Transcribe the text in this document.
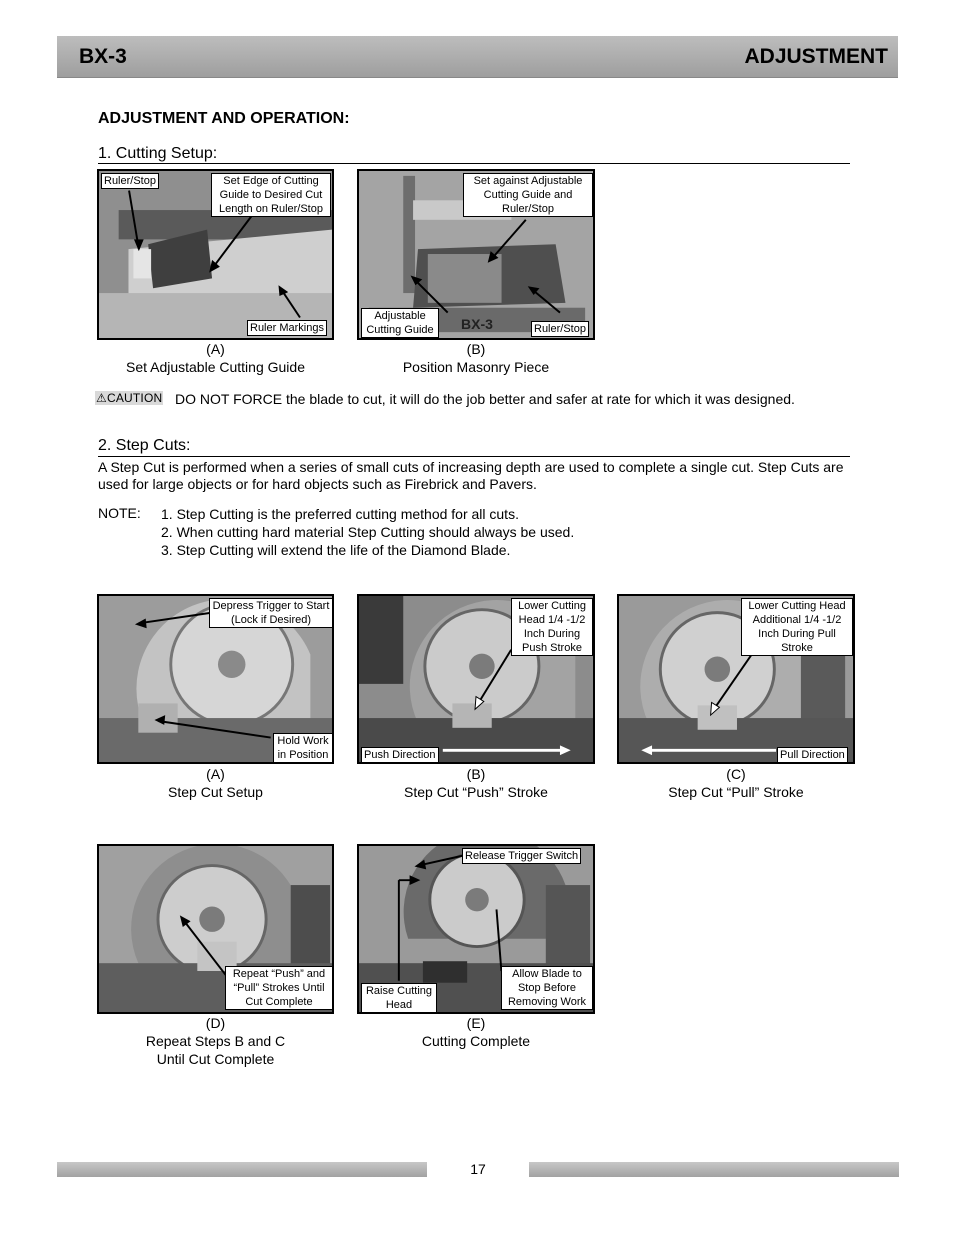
BX-3	ADJUSTMENT
ADJUSTMENT AND OPERATION:
1. Cutting Setup:
Ruler/Stop	Set Edge of Cutting Guide to Desired Cut Length on Ruler/Stop
Ruler Markings
(A)
Set Adjustable Cutting Guide
Set against Adjustable Cutting Guide and Ruler/Stop
Adjustable Cutting Guide	Ruler/Stop
BX-3
(B)
Position Masonry Piece
⚠CAUTION DO NOT FORCE the blade to cut, it will do the job better and safer at rate for which it was designed.
2. Step Cuts:
A Step Cut is performed when a series of small cuts of increasing depth are used to complete a single cut. Step Cuts are used for large objects or for hard objects such as Firebrick and Pavers.
NOTE: 1. Step Cutting is the preferred cutting method for all cuts.
2. When cutting hard material Step Cutting should always be used.
3. Step Cutting will extend the life of the Diamond Blade.
Depress Trigger to Start (Lock if Desired)
Hold Work in Position
(A)
Step Cut Setup
Lower Cutting Head 1/4 -1/2 Inch During Push Stroke
Push Direction
(B)
Step Cut “Push” Stroke
Lower Cutting Head Additional 1/4 -1/2 Inch During Pull Stroke
Pull Direction
(C)
Step Cut “Pull” Stroke
Repeat “Push” and “Pull” Strokes Until Cut Complete
(D)
Repeat Steps B and C
Until Cut Complete
Release Trigger Switch
Raise Cutting Head
Allow Blade to Stop Before Removing Work
(E)
Cutting Complete
17
